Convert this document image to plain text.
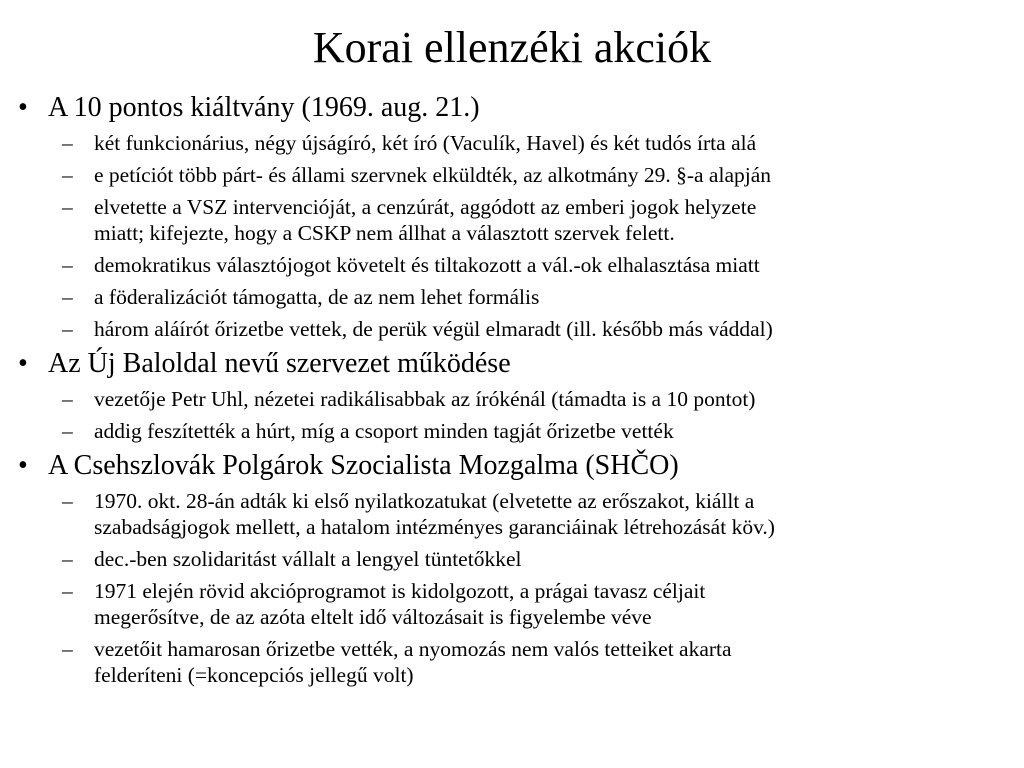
Korai ellenzéki akciók
• A 10 pontos kiáltvány (1969. aug. 21.)
– két funkcionárius, négy újságíró, két író (Vaculík, Havel) és két tudós írta alá
– e petíciót több párt- és állami szervnek elküldték, az alkotmány 29. §-a alapján
– elvetette a VSZ intervencióját, a cenzúrát, aggódott az emberi jogok helyzete
miatt; kifejezte, hogy a CSKP nem állhat a választott szervek felett.
– demokratikus választójogot követelt és tiltakozott a vál.-ok elhalasztása miatt
– a föderalizációt támogatta, de az nem lehet formális
– három aláírót őrizetbe vettek, de perük végül elmaradt (ill. később más váddal)
• Az Új Baloldal nevű szervezet működése
– vezetője Petr Uhl, nézetei radikálisabbak az írókénál (támadta is a 10 pontot)
– addig feszítették a húrt, míg a csoport minden tagját őrizetbe vették
• A Csehszlovák Polgárok Szocialista Mozgalma (SHČO)
– 1970. okt. 28-án adták ki első nyilatkozatukat (elvetette az erőszakot, kiállt a
szabadságjogok mellett, a hatalom intézményes garanciáinak létrehozását köv.)
– dec.-ben szolidaritást vállalt a lengyel tüntetőkkel
– 1971 elején rövid akcióprogramot is kidolgozott, a prágai tavasz céljait
megerősítve, de az azóta eltelt idő változásait is figyelembe véve
– vezetőit hamarosan őrizetbe vették, a nyomozás nem valós tetteiket akarta
felderíteni (=koncepciós jellegű volt)
